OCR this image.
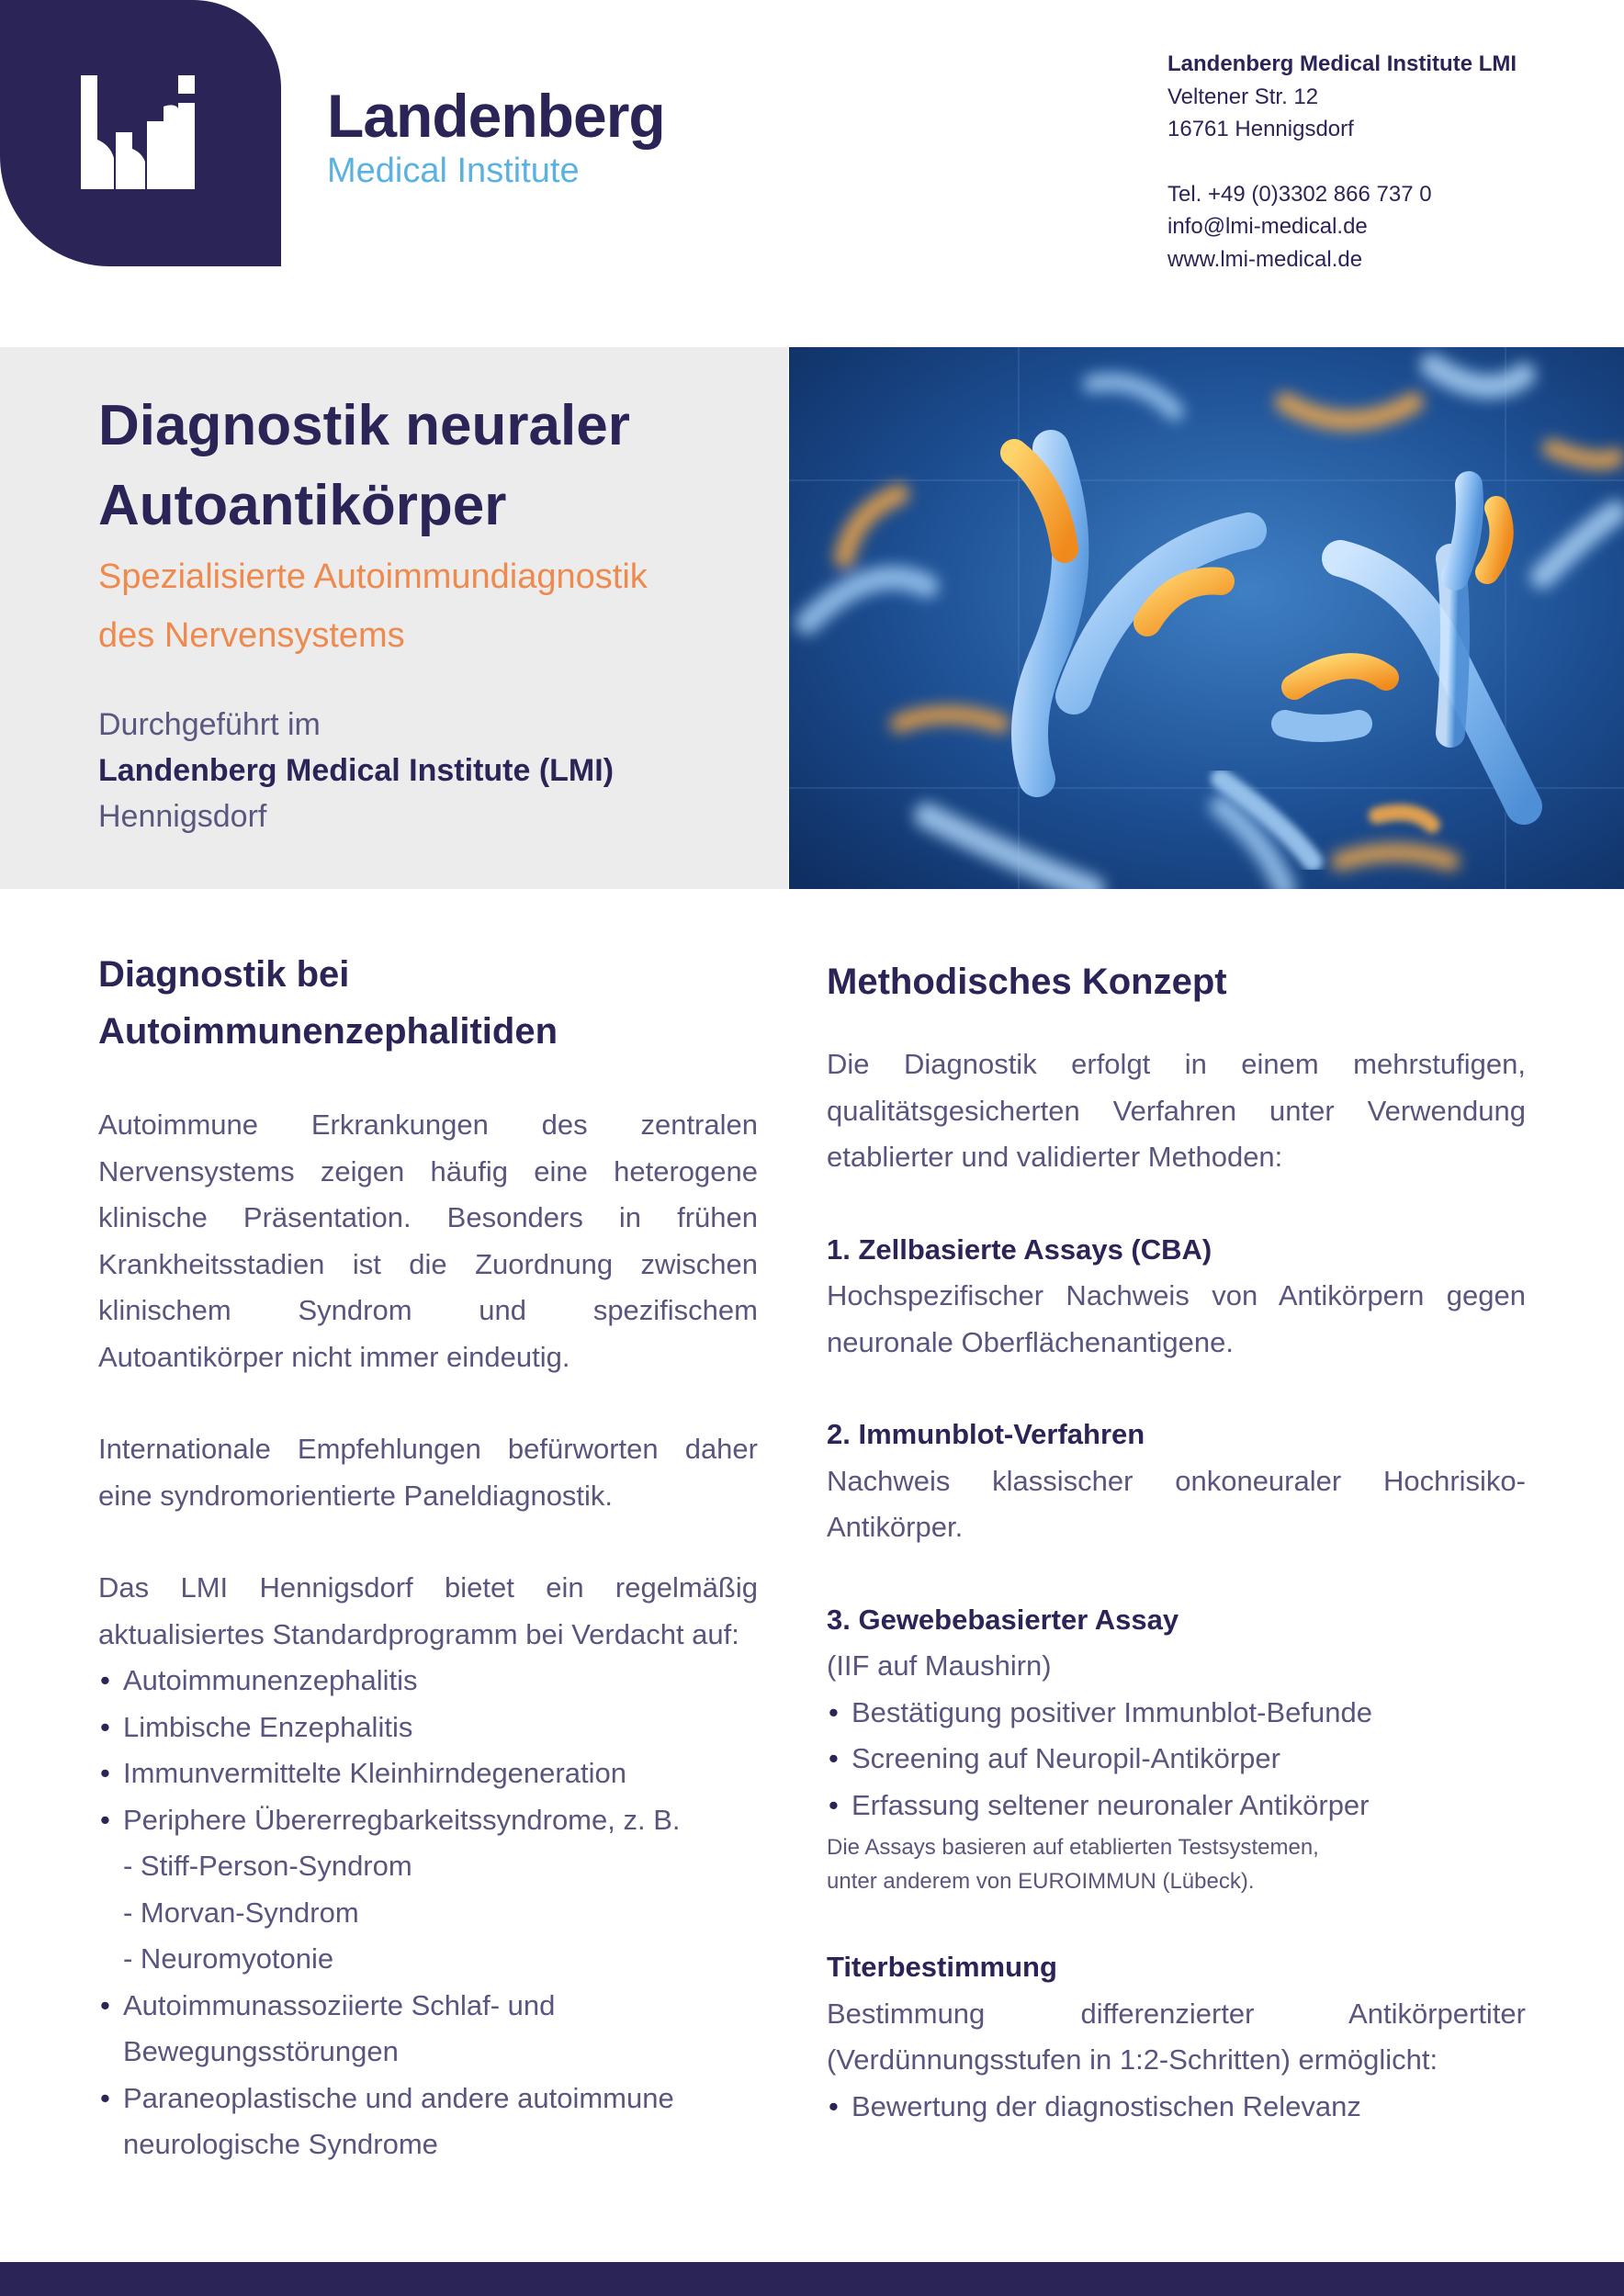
Landenberg
Medical Institute
Landenberg Medical Institute LMI
Veltener Str. 12
16761 Hennigsdorf
Tel. +49 (0)3302 866 737 0
info@lmi-medical.de
www.lmi-medical.de
Diagnostik neuraler
Autoantikörper
Spezialisierte Autoimmundiagnostik
des Nervensystems
Durchgeführt im
Landenberg Medical Institute (LMI)
Hennigsdorf
Diagnostik bei
Autoimmunenzephalitiden
Autoimmune Erkrankungen des zentralen Nervensystems zeigen häufig eine heterogene klinische Präsentation. Besonders in frühen Krankheitsstadien ist die Zuordnung zwischen klinischem Syndrom und spezifischem Autoantikörper nicht immer eindeutig.
Internationale Empfehlungen befürworten daher eine syndromorientierte Paneldiagnostik.
Das LMI Hennigsdorf bietet ein regelmäßig aktualisiertes Standardprogramm bei Verdacht auf:
• Autoimmunenzephalitis
• Limbische Enzephalitis
• Immunvermittelte Kleinhirndegeneration
• Periphere Übererregbarkeitssyndrome, z. B.
- Stiff-Person-Syndrom
- Morvan-Syndrom
- Neuromyotonie
• Autoimmunassoziierte Schlaf- und Bewegungsstörungen
• Paraneoplastische und andere autoimmune neurologische Syndrome
Methodisches Konzept
Die Diagnostik erfolgt in einem mehrstufigen, qualitätsgesicherten Verfahren unter Verwendung etablierter und validierter Methoden:
1. Zellbasierte Assays (CBA)
Hochspezifischer Nachweis von Antikörpern gegen neuronale Oberflächenantigene.
2. Immunblot-Verfahren
Nachweis klassischer onkoneuraler Hochrisiko-Antikörper.
3. Gewebebasierter Assay
(IIF auf Maushirn)
• Bestätigung positiver Immunblot-Befunde
• Screening auf Neuropil-Antikörper
• Erfassung seltener neuronaler Antikörper
Die Assays basieren auf etablierten Testsystemen,
unter anderem von EUROIMMUN (Lübeck).
Titerbestimmung
Bestimmung differenzierter Antikörpertiter (Verdünnungsstufen in 1:2-Schritten) ermöglicht:
• Bewertung der diagnostischen Relevanz
